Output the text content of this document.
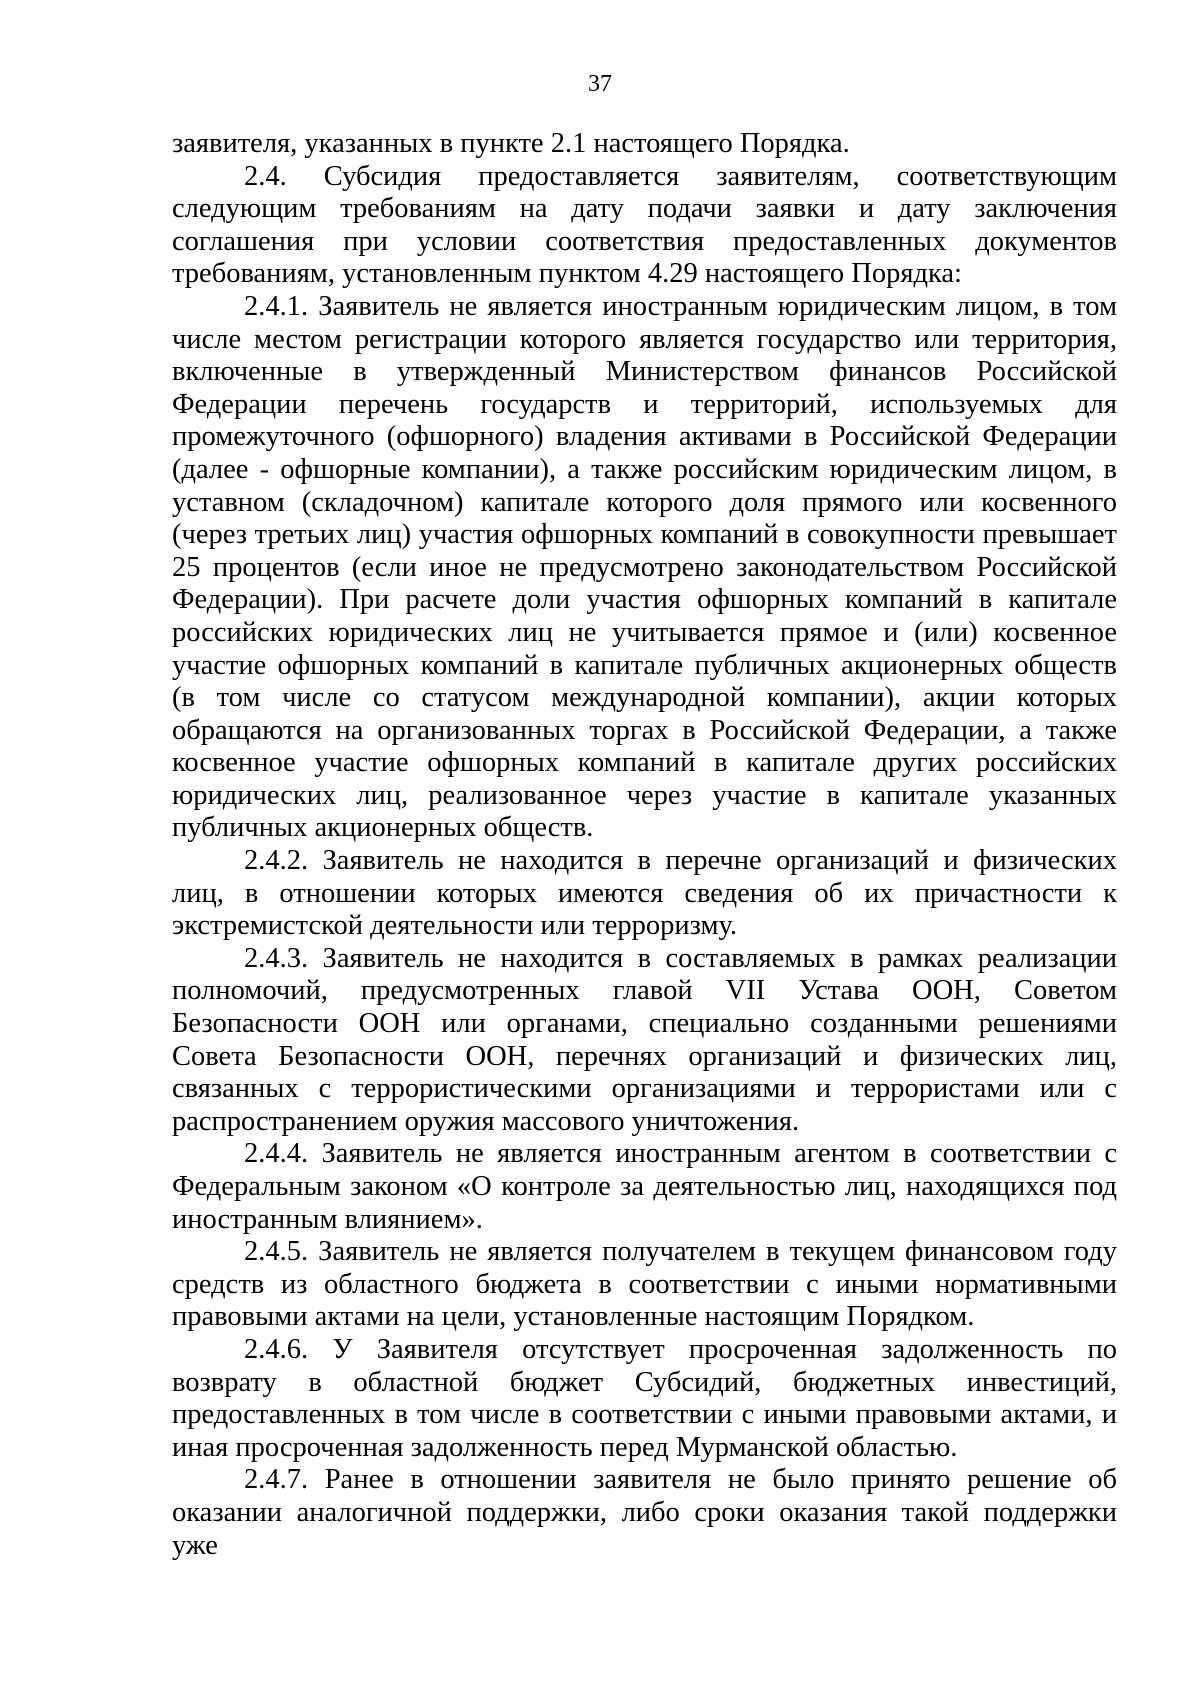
37

заявителя, указанных в пункте 2.1 настоящего Порядка.

2.4. Субсидия предоставляется заявителям, соответствующим следующим требованиям на дату подачи заявки и дату заключения соглашения при условии соответствия предоставленных документов требованиям, установленным пунктом 4.29 настоящего Порядка:

2.4.1. Заявитель не является иностранным юридическим лицом, в том числе местом регистрации которого является государство или территория, включенные в утвержденный Министерством финансов Российской Федерации перечень государств и территорий, используемых для промежуточного (офшорного) владения активами в Российской Федерации (далее - офшорные компании), а также российским юридическим лицом, в уставном (складочном) капитале которого доля прямого или косвенного (через третьих лиц) участия офшорных компаний в совокупности превышает 25 процентов (если иное не предусмотрено законодательством Российской Федерации). При расчете доли участия офшорных компаний в капитале российских юридических лиц не учитывается прямое и (или) косвенное участие офшорных компаний в капитале публичных акционерных обществ (в том числе со статусом международной компании), акции которых обращаются на организованных торгах в Российской Федерации, а также косвенное участие офшорных компаний в капитале других российских юридических лиц, реализованное через участие в капитале указанных публичных акционерных обществ.

2.4.2. Заявитель не находится в перечне организаций и физических лиц, в отношении которых имеются сведения об их причастности к экстремистской деятельности или терроризму.

2.4.3. Заявитель не находится в составляемых в рамках реализации полномочий, предусмотренных главой VII Устава ООН, Советом Безопасности ООН или органами, специально созданными решениями Совета Безопасности ООН, перечнях организаций и физических лиц, связанных с террористическими организациями и террористами или с распространением оружия массового уничтожения.

2.4.4. Заявитель не является иностранным агентом в соответствии с Федеральным законом «О контроле за деятельностью лиц, находящихся под иностранным влиянием».

2.4.5. Заявитель не является получателем в текущем финансовом году средств из областного бюджета в соответствии с иными нормативными правовыми актами на цели, установленные настоящим Порядком.

2.4.6. У Заявителя отсутствует просроченная задолженность по возврату в областной бюджет Субсидий, бюджетных инвестиций, предоставленных в том числе в соответствии с иными правовыми актами, и иная просроченная задолженность перед Мурманской областью.

2.4.7. Ранее в отношении заявителя не было принято решение об оказании аналогичной поддержки, либо сроки оказания такой поддержки уже
